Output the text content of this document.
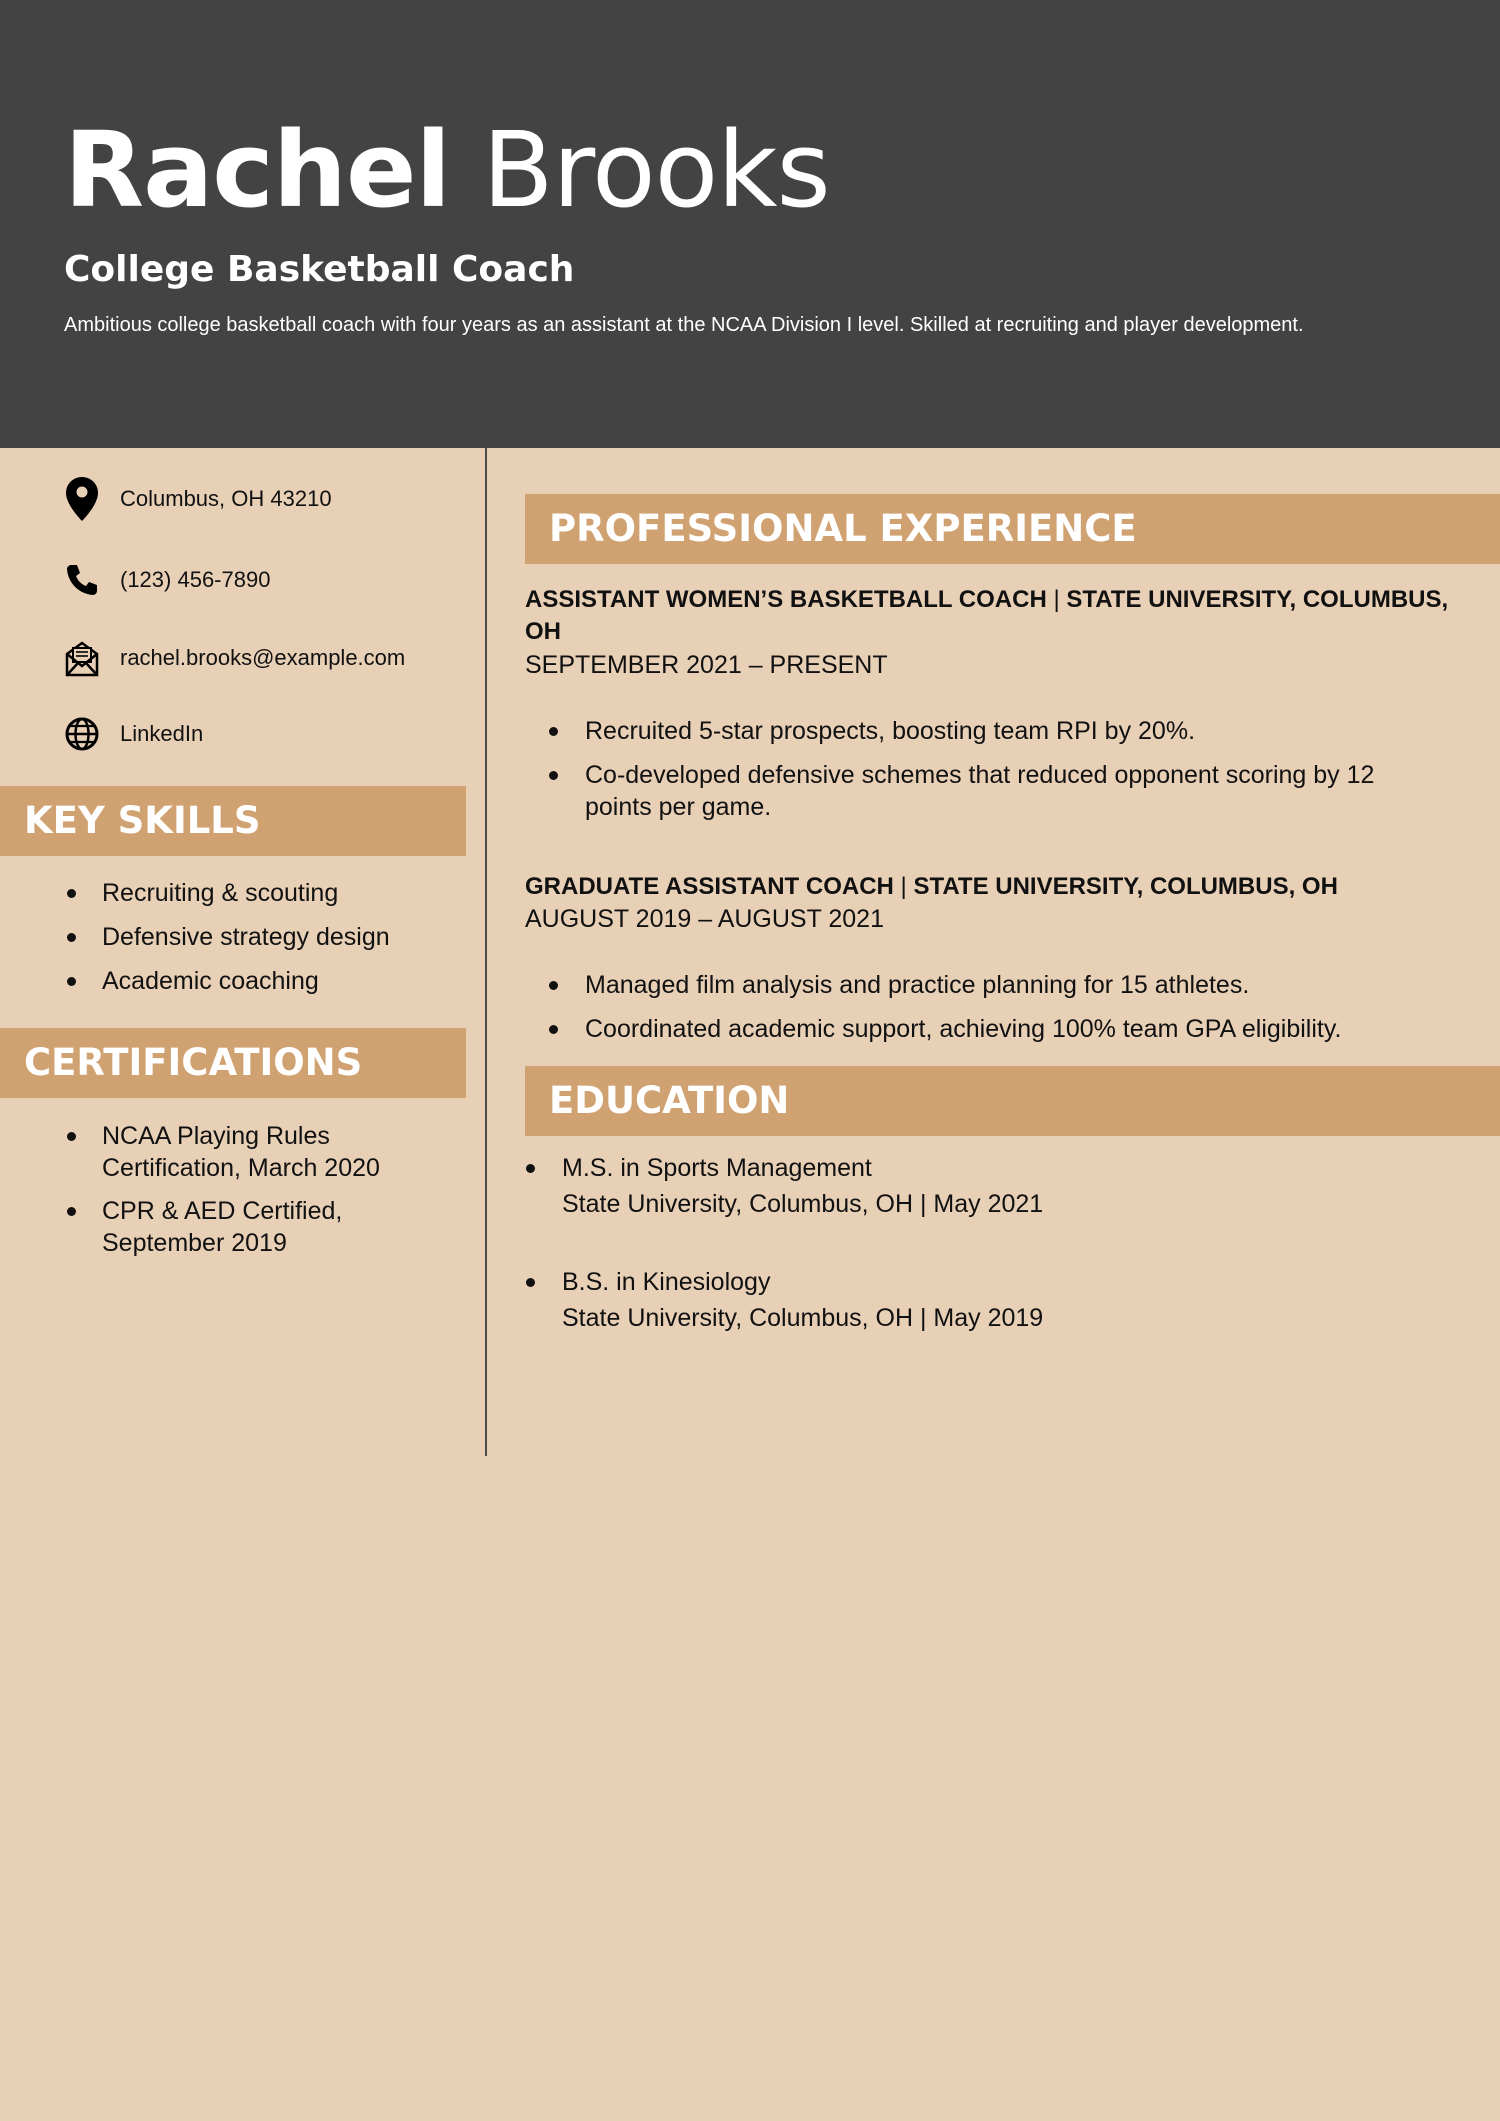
Rachel Brooks
College Basketball Coach
Ambitious college basketball coach with four years as an assistant at the NCAA Division I level. Skilled at recruiting and player development.
Columbus, OH 43210
(123) 456-7890
rachel.brooks@example.com
LinkedIn
KEY SKILLS
Recruiting & scouting
Defensive strategy design
Academic coaching
CERTIFICATIONS
NCAA Playing Rules Certification, March 2020
CPR & AED Certified, September 2019
PROFESSIONAL EXPERIENCE
ASSISTANT WOMEN’S BASKETBALL COACH | STATE UNIVERSITY, COLUMBUS, OH
SEPTEMBER 2021 – PRESENT
Recruited 5-star prospects, boosting team RPI by 20%.
Co-developed defensive schemes that reduced opponent scoring by 12 points per game.
GRADUATE ASSISTANT COACH | STATE UNIVERSITY, COLUMBUS, OH
AUGUST 2019 – AUGUST 2021
Managed film analysis and practice planning for 15 athletes.
Coordinated academic support, achieving 100% team GPA eligibility.
EDUCATION
M.S. in Sports Management
State University, Columbus, OH | May 2021
B.S. in Kinesiology
State University, Columbus, OH | May 2019
